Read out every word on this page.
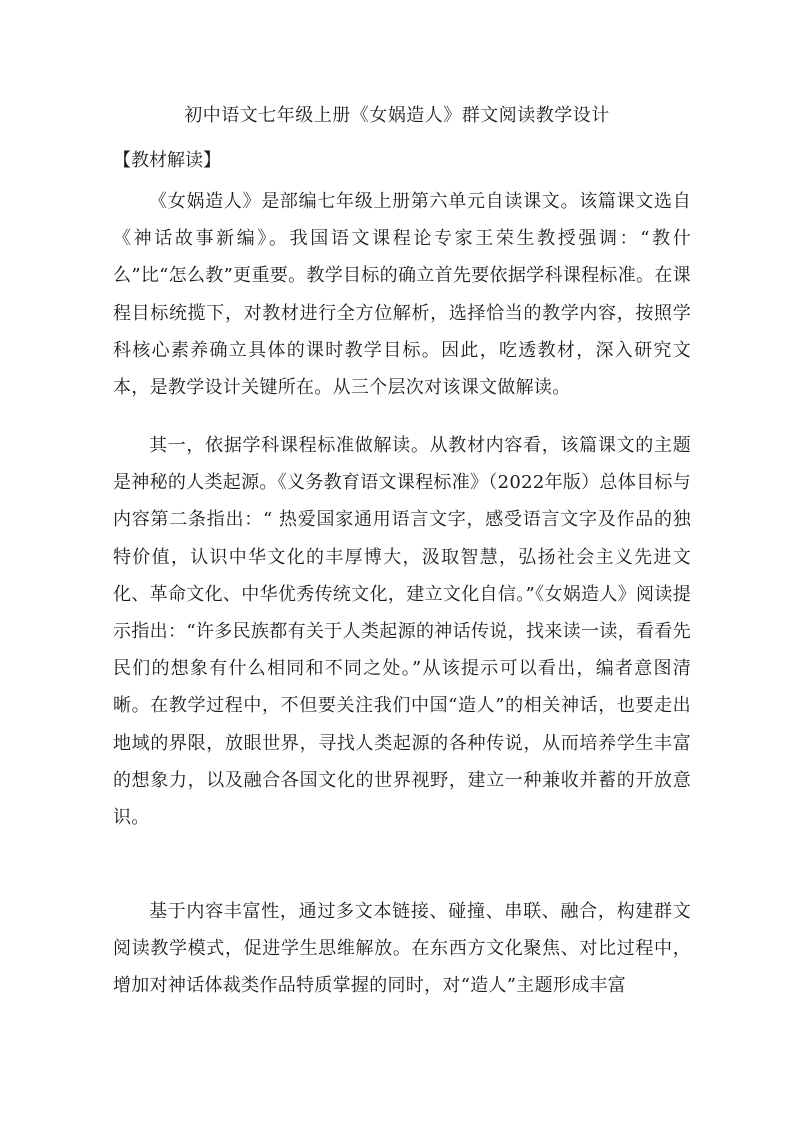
初中语文七年级上册《女娲造人》群文阅读教学设计
【教材解读】

《女娲造人》是部编七年级上册第六单元自读课文。该篇课文选自《神话故事新编》。我国语文课程论专家王荣生教授强调：“教什么”比“怎么教”更重要。教学目标的确立首先要依据学科课程标准。在课程目标统揽下，对教材进行全方位解析，选择恰当的教学内容，按照学科核心素养确立具体的课时教学目标。因此，吃透教材，深入研究文本，是教学设计关键所在。从三个层次对该课文做解读。

其一，依据学科课程标准做解读。从教材内容看，该篇课文的主题是神秘的人类起源。《义务教育语文课程标准》（2022年版）总体目标与内容第二条指出：“ 热爱国家通用语言文字，感受语言文字及作品的独特价值，认识中华文化的丰厚博大，汲取智慧，弘扬社会主义先进文化、革命文化、中华优秀传统文化，建立文化自信。”《女娲造人》阅读提示指出：“许多民族都有关于人类起源的神话传说，找来读一读，看看先民们的想象有什么相同和不同之处。”从该提示可以看出，编者意图清晰。在教学过程中，不但要关注我们中国“造人”的相关神话，也要走出地域的界限，放眼世界，寻找人类起源的各种传说，从而培养学生丰富的想象力，以及融合各国文化的世界视野，建立一种兼收并蓄的开放意识。

基于内容丰富性，通过多文本链接、碰撞、串联、融合，构建群文阅读教学模式，促进学生思维解放。在东西方文化聚焦、对比过程中，增加对神话体裁类作品特质掌握的同时，对“造人”主题形成丰富
